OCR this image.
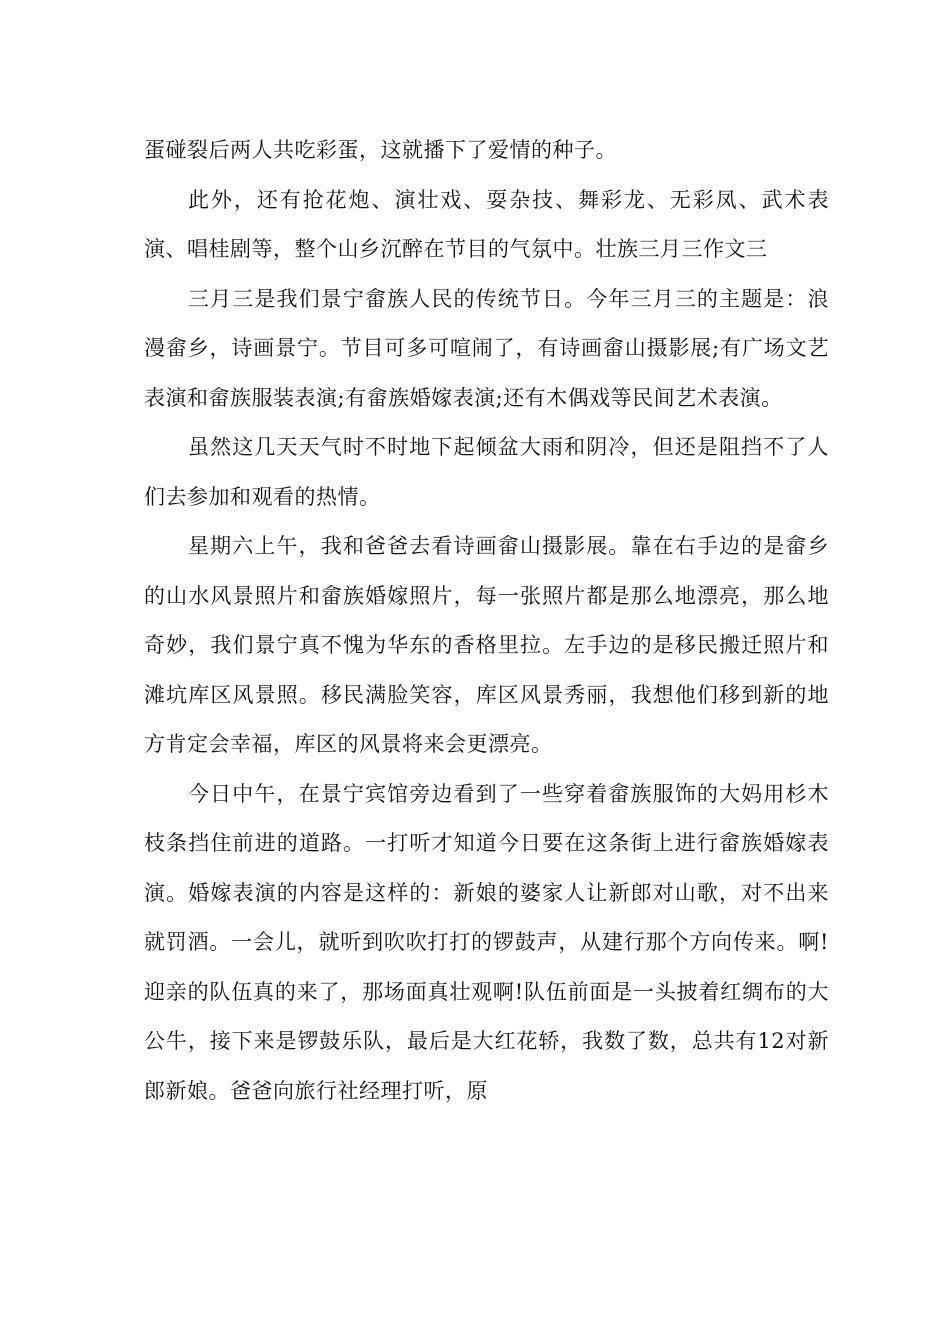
蛋碰裂后两人共吃彩蛋，这就播下了爱情的种子。

此外，还有抢花炮、演壮戏、耍杂技、舞彩龙、无彩凤、武术表演、唱桂剧等，整个山乡沉醉在节目的气氛中。壮族三月三作文三

三月三是我们景宁畲族人民的传统节日。今年三月三的主题是：浪漫畲乡，诗画景宁。节目可多可喧闹了，有诗画畲山摄影展;有广场文艺表演和畲族服装表演;有畲族婚嫁表演;还有木偶戏等民间艺术表演。

虽然这几天天气时不时地下起倾盆大雨和阴冷，但还是阻挡不了人们去参加和观看的热情。

星期六上午，我和爸爸去看诗画畲山摄影展。靠在右手边的是畲乡的山水风景照片和畲族婚嫁照片，每一张照片都是那么地漂亮，那么地奇妙，我们景宁真不愧为华东的香格里拉。左手边的是移民搬迁照片和滩坑库区风景照。移民满脸笑容，库区风景秀丽，我想他们移到新的地方肯定会幸福，库区的风景将来会更漂亮。

今日中午，在景宁宾馆旁边看到了一些穿着畲族服饰的大妈用杉木枝条挡住前进的道路。一打听才知道今日要在这条街上进行畲族婚嫁表演。婚嫁表演的内容是这样的：新娘的婆家人让新郎对山歌，对不出来就罚酒。一会儿，就听到吹吹打打的锣鼓声，从建行那个方向传来。啊!迎亲的队伍真的来了，那场面真壮观啊!队伍前面是一头披着红绸布的大公牛，接下来是锣鼓乐队，最后是大红花轿，我数了数，总共有12对新郎新娘。爸爸向旅行社经理打听，原
